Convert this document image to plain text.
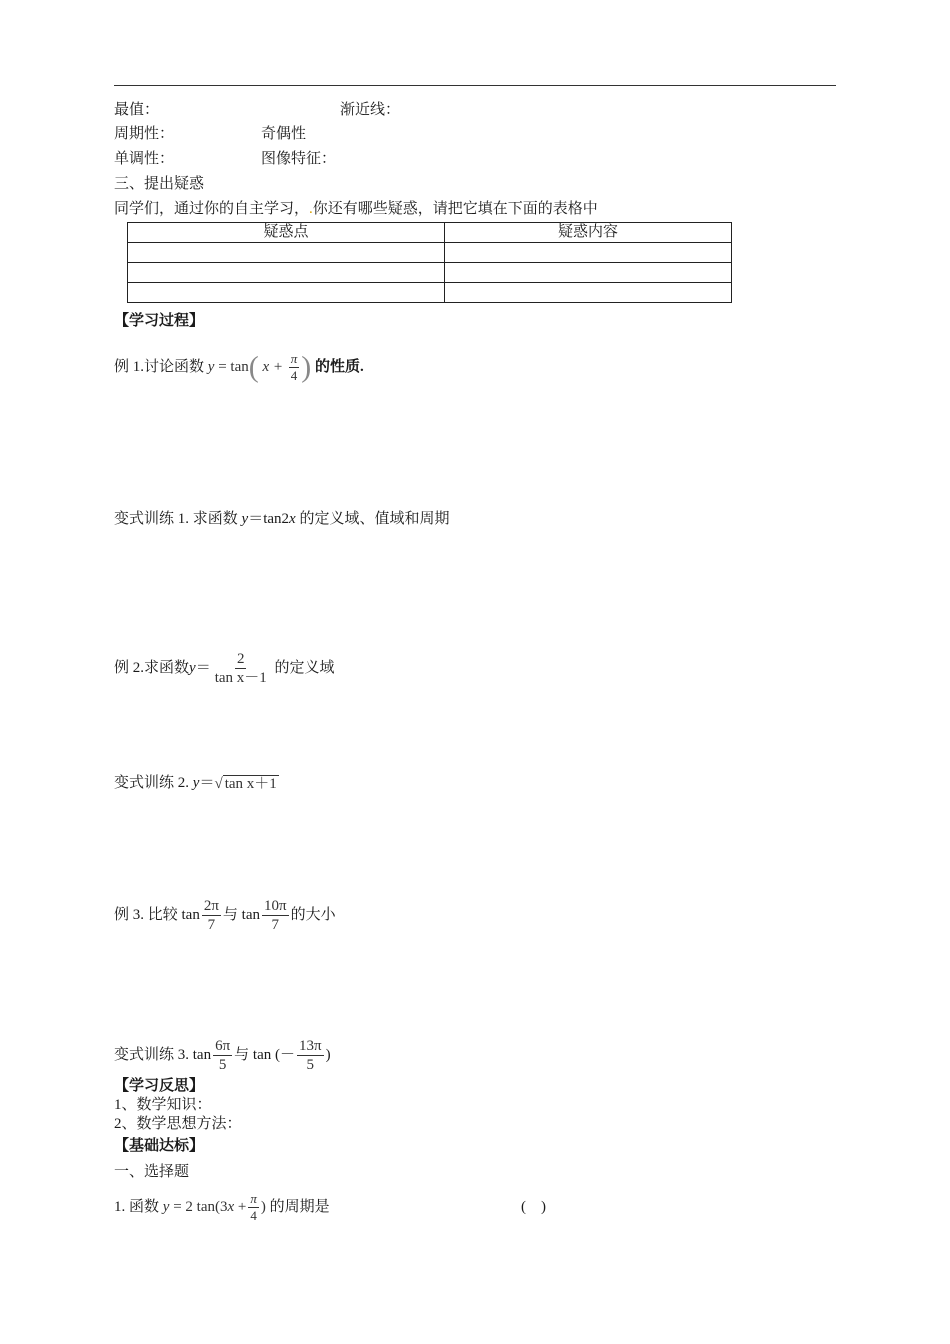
最值：	渐近线：
周期性：	奇偶性
单调性：	图像特征：
三、提出疑惑
同学们，通过你的自主学习，.你还有哪些疑惑，请把它填在下面的表格中
疑惑点	疑惑内容

【学习过程】
例 1.讨论函数 y = tan( $x + \frac{\pi}{4}$ ) 的性质.
变式训练 1. 求函数 y＝tan2x 的定义域、值域和周期
例 2.求函数$y= \frac{2}{\text{tan x－1}}$ 的定义域
变式训练 2. y＝√ tan x＋1
例 3. 比较 $\tan \frac{2\pi}{7}$ 与 $\tan \frac{10\pi}{7}$ 的大小
变式训练 3. $\tan \frac{6\pi}{5}$ 与 tan (－ $\frac{13\pi}{5}$ )
【学习反思】
1、数学知识：
2、数学思想方法：
【基础达标】
一、选择题
1. 函数 y = 2 $\tan(3x + \frac{\pi}{4}$ ) 的周期是	(    )
